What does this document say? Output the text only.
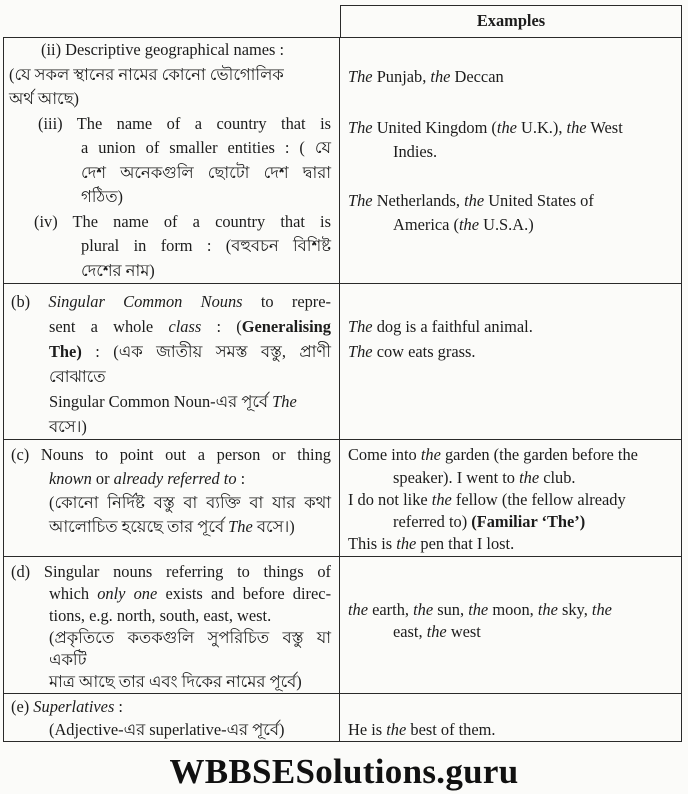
Examples
(ii) Descriptive geographical names :
(যে সকল স্থানের নামের কোনো ভৌগোলিক
অর্থ আছে)
(iii) The name of a country that is
a union of smaller entities : ( যে
দেশ অনেকগুলি ছোটো দেশ দ্বারা গঠিত)
(iv) The name of a country that is
plural in form : (বহুবচন বিশিষ্ট
দেশের নাম)
The Punjab, the Deccan
The United Kingdom (the U.K.), the West
Indies.
The Netherlands, the United States of
America (the U.S.A.)
(b) Singular Common Nouns to repre-
sent a whole class : (Generalising
The) : (এক জাতীয় সমস্ত বস্তু, প্রাণী বোঝাতে
Singular Common Noun-এর পূর্বে The
বসে।)
The dog is a faithful animal.
The cow eats grass.
(c) Nouns to point out a person or thing
known or already referred to :
(কোনো নির্দিষ্ট বস্তু বা ব্যক্তি বা যার কথা
আলোচিত হয়েছে তার পূর্বে The বসে।)
Come into the garden (the garden before the
speaker). I went to the club.
I do not like the fellow (the fellow already
referred to) (Familiar ‘The’)
This is the pen that I lost.
(d) Singular nouns referring to things of
which only one exists and before direc-
tions, e.g. north, south, east, west.
(প্রকৃতিতে কতকগুলি সুপরিচিত বস্তু যা একটি
মাত্র আছে তার এবং দিকের নামের পূর্বে)
the earth, the sun, the moon, the sky, the
east, the west
(e) Superlatives :
(Adjective-এর superlative-এর পূর্বে)	He is the best of them.
WBBSESolutions.guru
